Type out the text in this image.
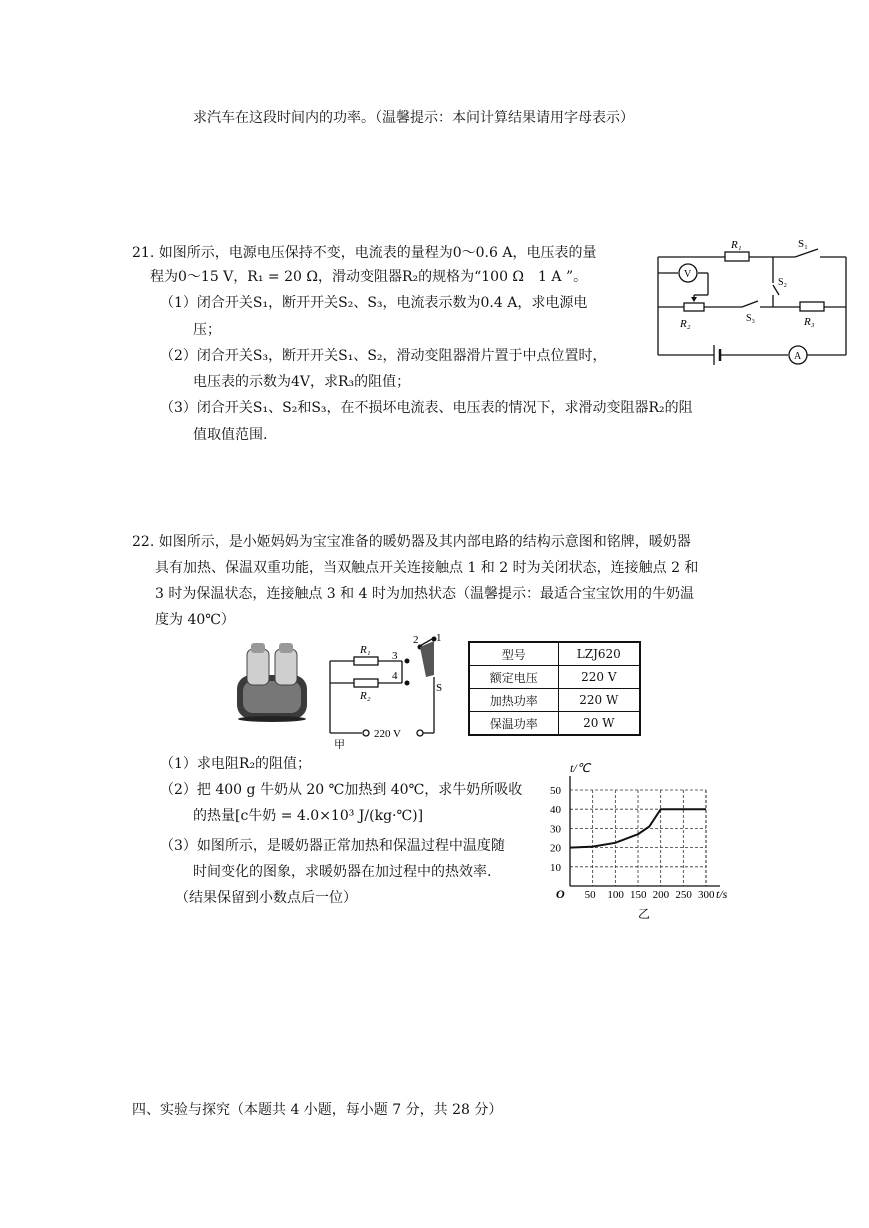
求汽车在这段时间内的功率。（温馨提示：本问计算结果请用字母表示）
21. 如图所示，电源电压保持不变，电流表的量程为0～0.6 A，电压表的量
程为0～15 V，R₁ = 20 Ω，滑动变阻器R₂的规格为“100 Ω　1 A ”。
（1）闭合开关S₁，断开开关S₂、S₃，电流表示数为0.4 A，求电源电
压；
（2）闭合开关S₃，断开开关S₁、S₂，滑动变阻器滑片置于中点位置时，
电压表的示数为4V，求R₃的阻值；
（3）闭合开关S₁、S₂和S₃，在不损坏电流表、电压表的情况下，求滑动变阻器R₂的阻
值取值范围.
R₁	S₁
V
S₂
R₂	S₃	R₃
A
22. 如图所示，是小姬妈妈为宝宝准备的暖奶器及其内部电路的结构示意图和铭牌，暖奶器
具有加热、保温双重功能，当双触点开关连接触点 1 和 2 时为关闭状态，连接触点 2 和
3 时为保温状态，连接触点 3 和 4 时为加热状态（温馨提示：最适合宝宝饮用的牛奶温
度为 40℃）
R₁
R₂
1
2
3
4
S
220 V
甲
型号	LZJ620
额定电压	220 V
加热功率	220 W
保温功率	20 W
（1）求电阻R₂的阻值；
（2）把 400 g 牛奶从 20 ℃加热到 40℃，求牛奶所吸收
的热量[c牛奶 = 4.0×10³ J/(kg·℃)]
（3）如图所示，是暖奶器正常加热和保温过程中温度随
时间变化的图象，求暖奶器在加过程中的热效率.
（结果保留到小数点后一位）	50 100 150 200 250 300
10
20
30
40
50
t/℃
t/s
O
乙
四、实验与探究（本题共 4 小题，每小题 7 分，共 28 分）
